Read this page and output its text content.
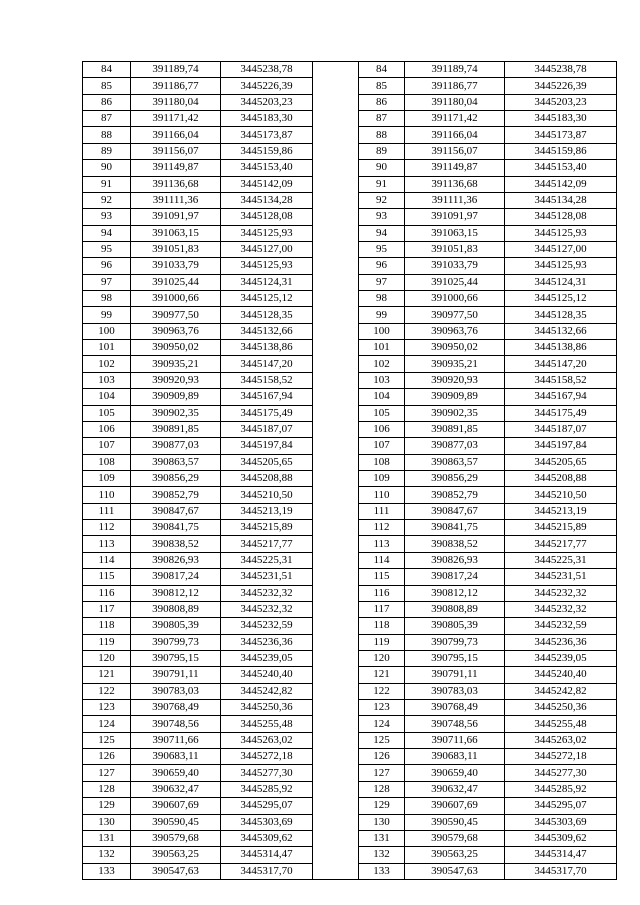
84	391189,74	3445238,78		84	391189,74	3445238,78
85	391186,77	3445226,39		85	391186,77	3445226,39
86	391180,04	3445203,23		86	391180,04	3445203,23
87	391171,42	3445183,30		87	391171,42	3445183,30
88	391166,04	3445173,87		88	391166,04	3445173,87
89	391156,07	3445159,86		89	391156,07	3445159,86
90	391149,87	3445153,40		90	391149,87	3445153,40
91	391136,68	3445142,09		91	391136,68	3445142,09
92	391111,36	3445134,28		92	391111,36	3445134,28
93	391091,97	3445128,08		93	391091,97	3445128,08
94	391063,15	3445125,93		94	391063,15	3445125,93
95	391051,83	3445127,00		95	391051,83	3445127,00
96	391033,79	3445125,93		96	391033,79	3445125,93
97	391025,44	3445124,31		97	391025,44	3445124,31
98	391000,66	3445125,12		98	391000,66	3445125,12
99	390977,50	3445128,35		99	390977,50	3445128,35
100	390963,76	3445132,66		100	390963,76	3445132,66
101	390950,02	3445138,86		101	390950,02	3445138,86
102	390935,21	3445147,20		102	390935,21	3445147,20
103	390920,93	3445158,52		103	390920,93	3445158,52
104	390909,89	3445167,94		104	390909,89	3445167,94
105	390902,35	3445175,49		105	390902,35	3445175,49
106	390891,85	3445187,07		106	390891,85	3445187,07
107	390877,03	3445197,84		107	390877,03	3445197,84
108	390863,57	3445205,65		108	390863,57	3445205,65
109	390856,29	3445208,88		109	390856,29	3445208,88
110	390852,79	3445210,50		110	390852,79	3445210,50
111	390847,67	3445213,19		111	390847,67	3445213,19
112	390841,75	3445215,89		112	390841,75	3445215,89
113	390838,52	3445217,77		113	390838,52	3445217,77
114	390826,93	3445225,31		114	390826,93	3445225,31
115	390817,24	3445231,51		115	390817,24	3445231,51
116	390812,12	3445232,32		116	390812,12	3445232,32
117	390808,89	3445232,32		117	390808,89	3445232,32
118	390805,39	3445232,59		118	390805,39	3445232,59
119	390799,73	3445236,36		119	390799,73	3445236,36
120	390795,15	3445239,05		120	390795,15	3445239,05
121	390791,11	3445240,40		121	390791,11	3445240,40
122	390783,03	3445242,82		122	390783,03	3445242,82
123	390768,49	3445250,36		123	390768,49	3445250,36
124	390748,56	3445255,48		124	390748,56	3445255,48
125	390711,66	3445263,02		125	390711,66	3445263,02
126	390683,11	3445272,18		126	390683,11	3445272,18
127	390659,40	3445277,30		127	390659,40	3445277,30
128	390632,47	3445285,92		128	390632,47	3445285,92
129	390607,69	3445295,07		129	390607,69	3445295,07
130	390590,45	3445303,69		130	390590,45	3445303,69
131	390579,68	3445309,62		131	390579,68	3445309,62
132	390563,25	3445314,47		132	390563,25	3445314,47
133	390547,63	3445317,70		133	390547,63	3445317,70
